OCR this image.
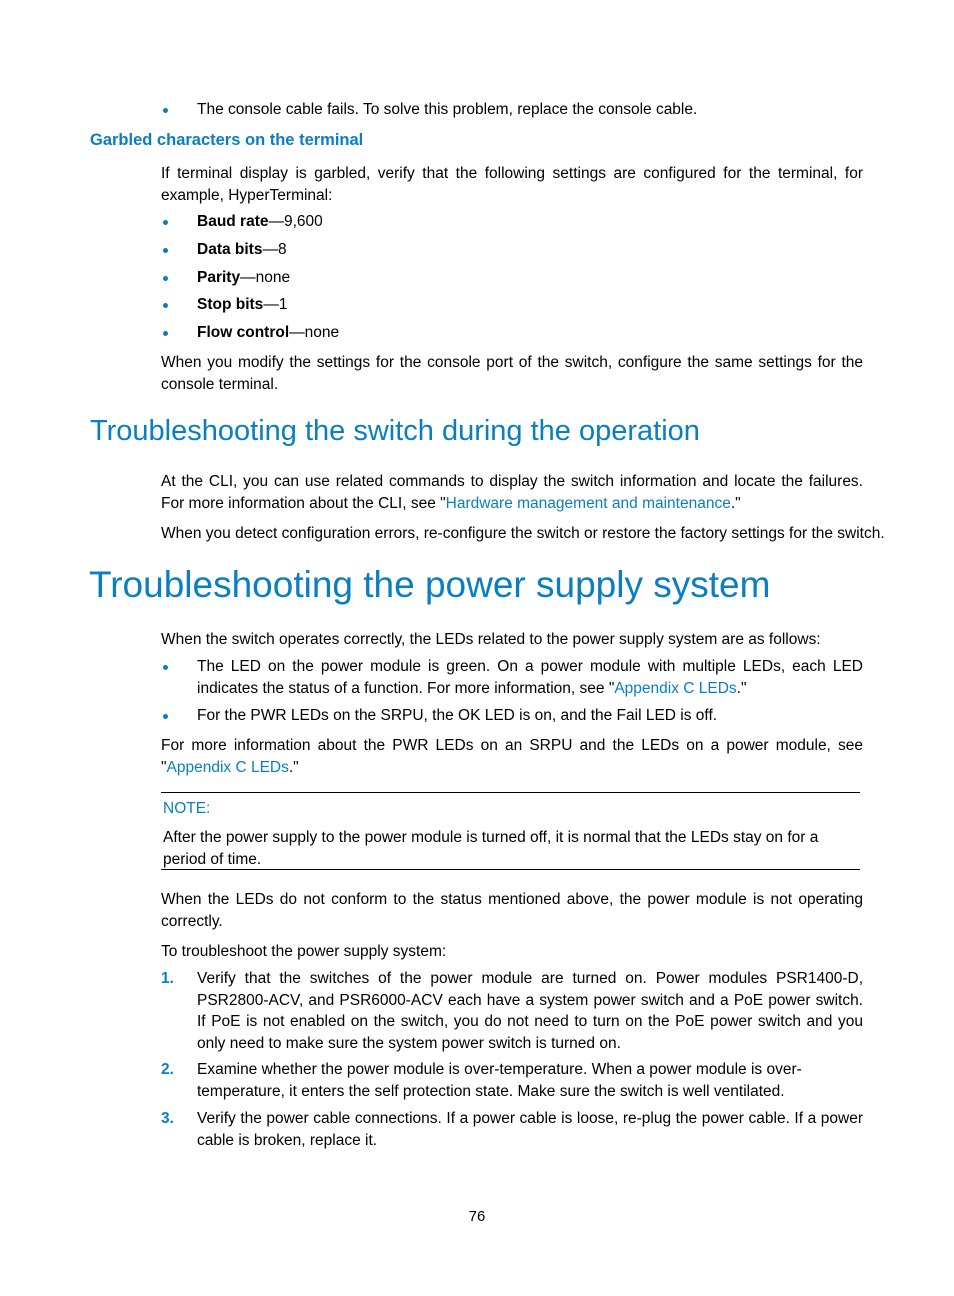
The console cable fails. To solve this problem, replace the console cable.
Garbled characters on the terminal
If terminal display is garbled, verify that the following settings are configured for the terminal, for example, HyperTerminal:
Baud rate—9,600
Data bits—8
Parity—none
Stop bits—1
Flow control—none
When you modify the settings for the console port of the switch, configure the same settings for the console terminal.
Troubleshooting the switch during the operation
At the CLI, you can use related commands to display the switch information and locate the failures. For more information about the CLI, see "Hardware management and maintenance."
When you detect configuration errors, re-configure the switch or restore the factory settings for the switch.
Troubleshooting the power supply system
When the switch operates correctly, the LEDs related to the power supply system are as follows:
The LED on the power module is green. On a power module with multiple LEDs, each LED indicates the status of a function. For more information, see "Appendix C LEDs."
For the PWR LEDs on the SRPU, the OK LED is on, and the Fail LED is off.
For more information about the PWR LEDs on an SRPU and the LEDs on a power module, see "Appendix C LEDs."
NOTE:
After the power supply to the power module is turned off, it is normal that the LEDs stay on for a period of time.
When the LEDs do not conform to the status mentioned above, the power module is not operating correctly.
To troubleshoot the power supply system:
1. Verify that the switches of the power module are turned on. Power modules PSR1400-D, PSR2800-ACV, and PSR6000-ACV each have a system power switch and a PoE power switch. If PoE is not enabled on the switch, you do not need to turn on the PoE power switch and you only need to make sure the system power switch is turned on.
2. Examine whether the power module is over-temperature. When a power module is over-temperature, it enters the self protection state. Make sure the switch is well ventilated.
3. Verify the power cable connections. If a power cable is loose, re-plug the power cable. If a power cable is broken, replace it.
76
